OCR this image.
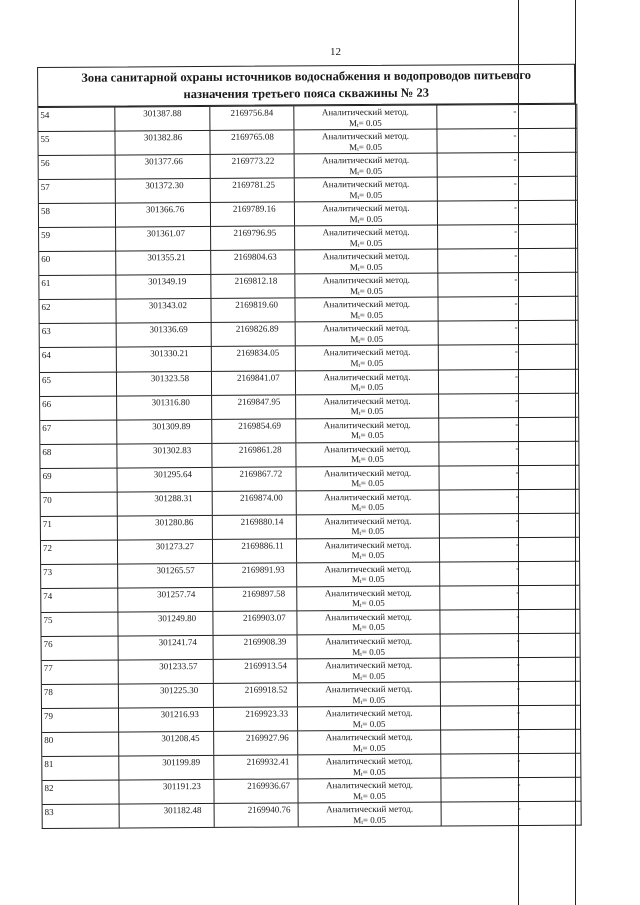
12
Зона санитарной охраны источников водоснабжения и водопроводов питьевого
назначения третьего пояса скважины № 23
54	301387.88	2169756.84	Аналитический метод.
Mt= 0.05
-
55	301382.86	2169765.08	Аналитический метод.
Mt= 0.05
-
56	301377.66	2169773.22	Аналитический метод.
Mt= 0.05
-
57	301372.30	2169781.25	Аналитический метод.
Mt= 0.05
-
58	301366.76	2169789.16	Аналитический метод.
Mt= 0.05
-
59	301361.07	2169796.95	Аналитический метод.
Mt= 0.05
-
60	301355.21	2169804.63	Аналитический метод.
Mt= 0.05
-
61	301349.19	2169812.18	Аналитический метод.
Mt= 0.05
-
62	301343.02	2169819.60	Аналитический метод.
Mt= 0.05
-
63	301336.69	2169826.89	Аналитический метод.
Mt= 0.05
-
64	301330.21	2169834.05	Аналитический метод.
Mt= 0.05
-
65	301323.58	2169841.07	Аналитический метод.
Mt= 0.05
-
66	301316.80	2169847.95	Аналитический метод.
Mt= 0.05
-
67	301309.89	2169854.69	Аналитический метод.
Mt= 0.05
-
68	301302.83	2169861.28	Аналитический метод.
Mt= 0.05
-
69	301295.64	2169867.72	Аналитический метод.
Mt= 0.05
-
70	301288.31	2169874.00	Аналитический метод.
Mt= 0.05
-
71	301280.86	2169880.14	Аналитический метод.
Mt= 0.05
-
72	301273.27	2169886.11	Аналитический метод.
Mt= 0.05
-
73	301265.57	2169891.93	Аналитический метод.
Mt= 0.05
-
74	301257.74	2169897.58	Аналитический метод.
Mt= 0.05
-
75	301249.80	2169903.07	Аналитический метод.
Mt= 0.05
-
76	301241.74	2169908.39	Аналитический метод.
Mt= 0.05
-
77	301233.57	2169913.54	Аналитический метод.
Mt= 0.05
-
78	301225.30	2169918.52	Аналитический метод.
Mt= 0.05
-
79	301216.93	2169923.33	Аналитический метод.
Mt= 0.05
-
80	301208.45	2169927.96	Аналитический метод.
Mt= 0.05
-
81	301199.89	2169932.41	Аналитический метод.
Mt= 0.05
-
82	301191.23	2169936.67	Аналитический метод.
Mt= 0.05
-
83	301182.48	2169940.76	Аналитический метод.
Mt= 0.05
-
